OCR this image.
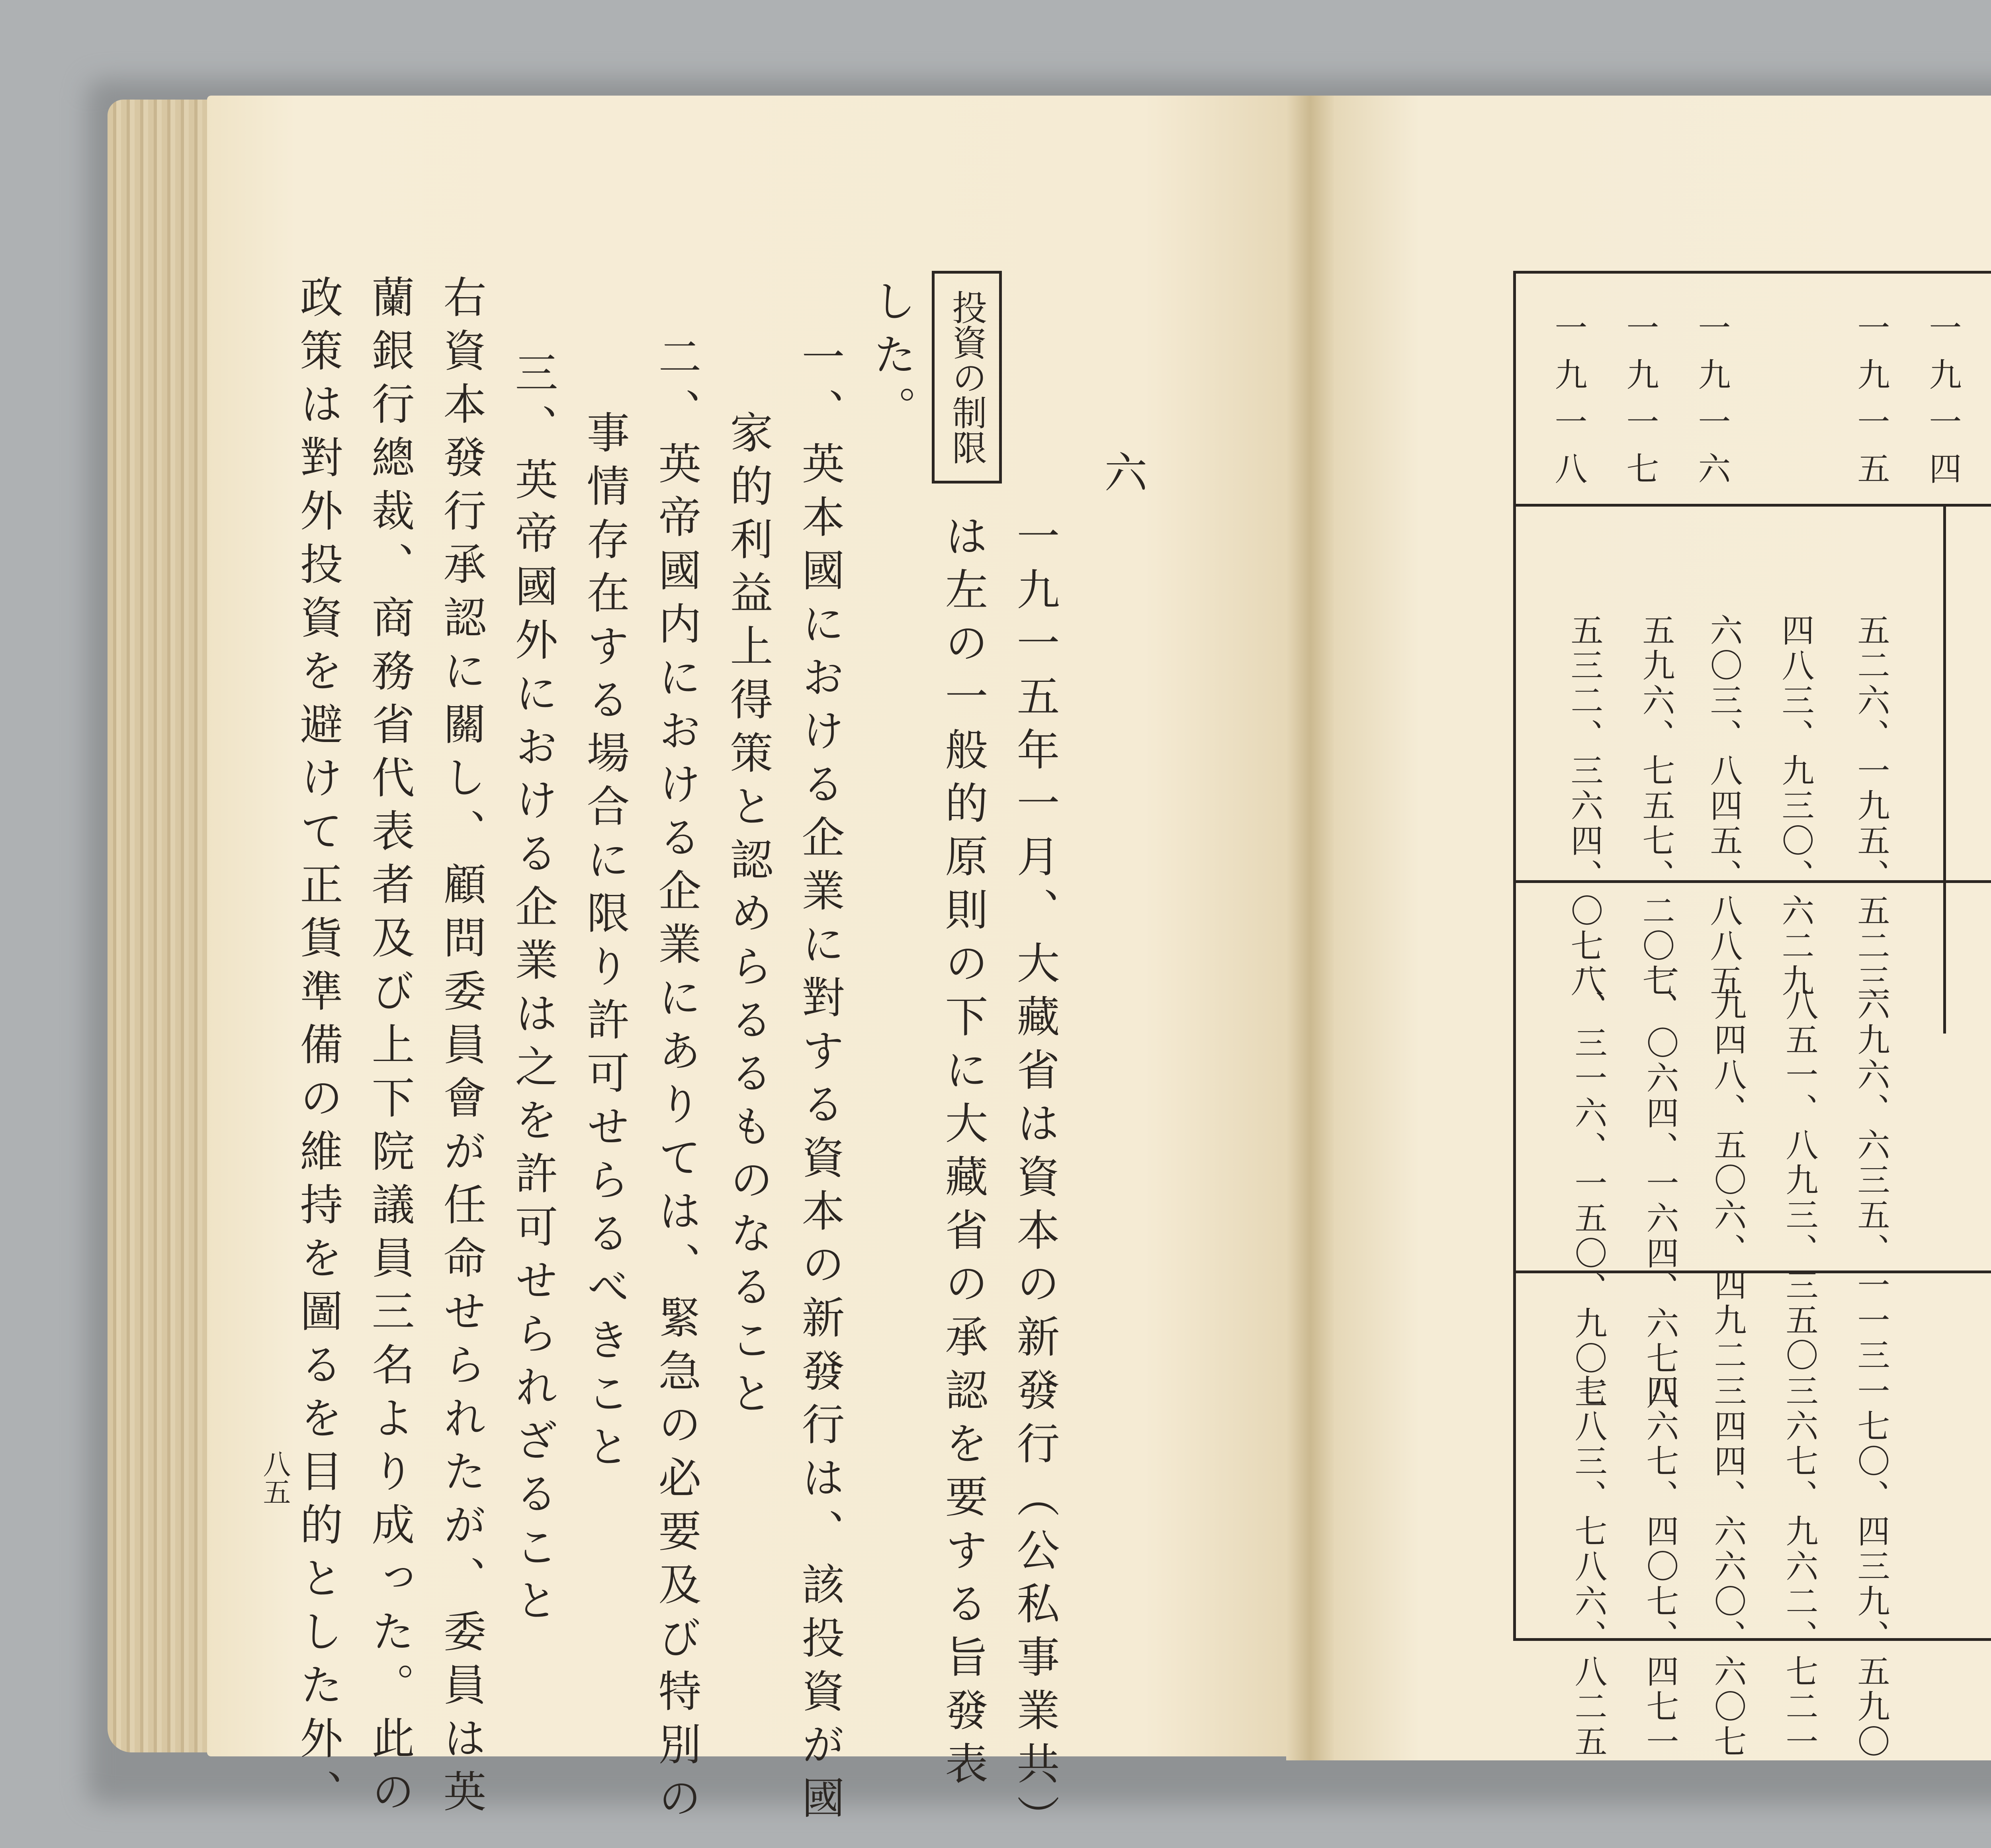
投資の制限
六
一九一五年一月、大藏省は資本の新發行（公私事業共）
は左の一般的原則の下に大藏省の承認を要する旨發表
した。
一、英本國における企業に對する資本の新發行は、該投資が國
家的利益上得策と認めらるるものなること
二、英帝國内における企業にありては、緊急の必要及び特別の
事情存在する場合に限り許可せらるべきこと
三、英帝國外における企業は之を許可せられざること
右資本發行承認に關し、顧問委員會が任命せられたが、委員は英
蘭銀行總裁、商務省代表者及び上下院議員三名より成った。此の
政策は對外投資を避けて正貨準備の維持を圖るを目的とした外、
八五
一九一四
一九一五
一九一六
一九一七
一九一八
五二六、一九五、五二三
四八三、九三〇、六二九
六〇三、八四五、八八五
五九六、七五七、二〇七
五三二、三六四、〇七八
六九六、六三五、一一三
八五一、八九三、三五〇
九四八、五〇六、四九二
一、〇六四、一六四、六七八
一、三一六、一五〇、九〇三
一七〇、四三九、五九〇
三六七、九六二、七二一
三四四、六六〇、六〇七
四六七、四〇七、四七一
七八三、七八六、八二五
